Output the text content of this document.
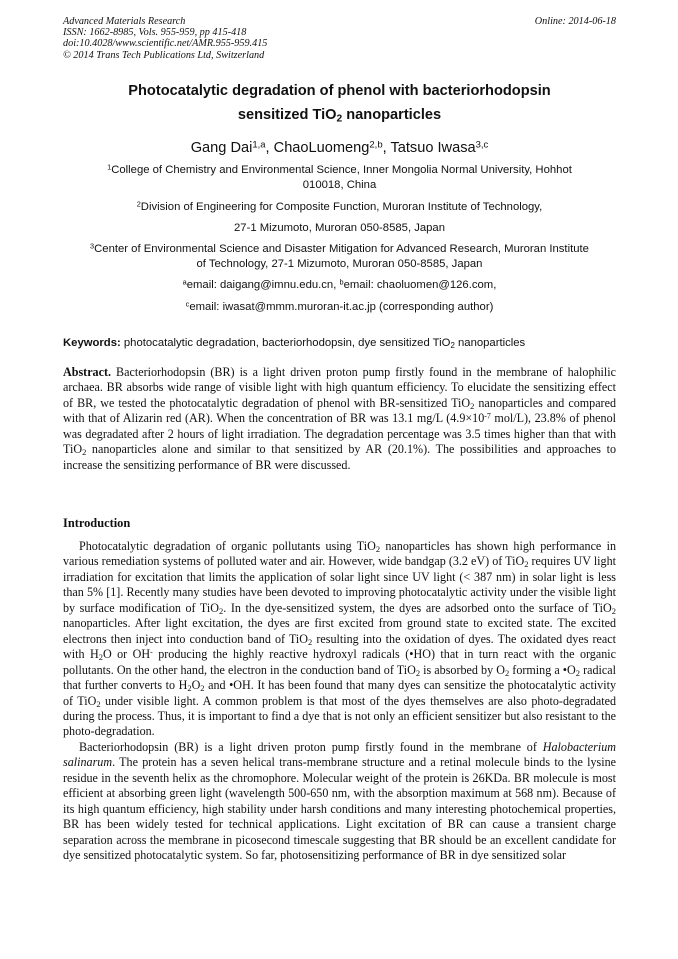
Advanced Materials Research
ISSN: 1662-8985, Vols. 955-959, pp 415-418
doi:10.4028/www.scientific.net/AMR.955-959.415
© 2014 Trans Tech Publications Ltd, Switzerland
Online: 2014-06-18
Photocatalytic degradation of phenol with bacteriorhodopsin
sensitized TiO$_2$ nanoparticles
Gang Dai$^{1,a}$, ChaoLuomeng$^{2,b}$, Tatsuo Iwasa$^{3,c}$
$^1$College of Chemistry and Environmental Science, Inner Mongolia Normal University, Hohhot
010018, China
$^2$Division of Engineering for Composite Function, Muroran Institute of Technology,
27-1 Mizumoto, Muroran 050-8585, Japan
$^3$Center of Environmental Science and Disaster Mitigation for Advanced Research, Muroran Institute
of Technology, 27-1 Mizumoto, Muroran 050-8585, Japan
$^a$email: daigang@imnu.edu.cn, $^b$email: chaoluomen@126.com,
$^c$email: iwasat@mmm.muroran-it.ac.jp (corresponding author)
Keywords: photocatalytic degradation, bacteriorhodopsin, dye sensitized TiO$_2$ nanoparticles
Abstract. Bacteriorhodopsin (BR) is a light driven proton pump firstly found in the membrane of halophilic archaea. BR absorbs wide range of visible light with high quantum efficiency. To elucidate the sensitizing effect of BR, we tested the photocatalytic degradation of phenol with BR-sensitized TiO$_2$ nanoparticles and compared with that of Alizarin red (AR). When the concentration of BR was 13.1 mg/L ($4.9\times 10^{-7}$ mol/L), 23.8% of phenol was degradated after 2 hours of light irradiation. The degradation percentage was 3.5 times higher than that with TiO$_2$ nanoparticles alone and similar to that sensitized by AR (20.1%). The possibilities and approaches to increase the sensitizing performance of BR were discussed.
Introduction
Photocatalytic degradation of organic pollutants using TiO$_2$ nanoparticles has shown high performance in various remediation systems of polluted water and air. However, wide bandgap (3.2 eV) of TiO$_2$ requires UV light irradiation for excitation that limits the application of solar light since UV light (< 387 nm) in solar light is less than 5% [1]. Recently many studies have been devoted to improving photocatalytic activity under the visible light by surface modification of TiO$_2$. In the dye-sensitized system, the dyes are adsorbed onto the surface of TiO$_2$ nanoparticles. After light excitation, the dyes are first excited from ground state to excited state. The excited electrons then inject into conduction band of TiO$_2$ resulting into the oxidation of dyes. The oxidated dyes react with $H_2O$ or OH- producing the highly reactive hydroxyl radicals (•HO) that in turn react with the organic pollutants. On the other hand, the electron in the conduction band of TiO$_2$ is absorbed by $O_2$ forming a $•O_2$ radical that further converts to $H_2O_2$ and •OH. It has been found that many dyes can sensitize the photocatalytic activity of TiO$_2$ under visible light. A common problem is that most of the dyes themselves are also photo-degradated during the process. Thus, it is important to find a dye that is not only an efficient sensitizer but also resistant to the photo-degradation.
Bacteriorhodopsin (BR) is a light driven proton pump firstly found in the membrane of Halobacterium salinarum. The protein has a seven helical trans-membrane structure and a retinal molecule binds to the lysine residue in the seventh helix as the chromophore. Molecular weight of the protein is 26KDa. BR molecule is most efficient at absorbing green light (wavelength 500-650 nm, with the absorption maximum at 568 nm). Because of its high quantum efficiency, high stability under harsh conditions and many interesting photochemical properties, BR has been widely tested for technical applications. Light excitation of BR can cause a transient charge separation across the membrane in picosecond timescale suggesting that BR should be an excellent candidate for dye sensitized photocatalytic system. So far, photosensitizing performance of BR in dye sensitized solar
